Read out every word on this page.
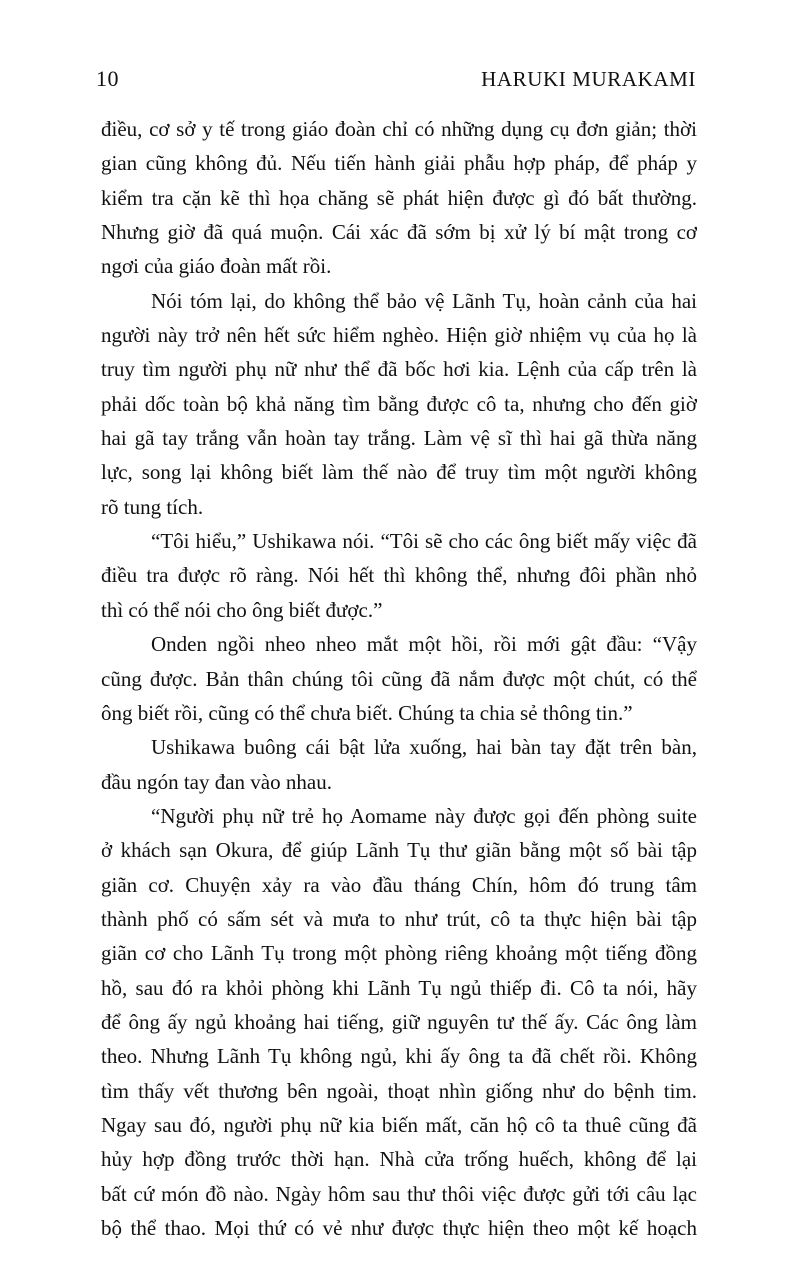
10	HARUKI MURAKAMI
điều, cơ sở y tế trong giáo đoàn chỉ có những dụng cụ đơn giản; thời
gian cũng không đủ. Nếu tiến hành giải phẫu hợp pháp, để pháp y
kiểm tra cặn kẽ thì họa chăng sẽ phát hiện được gì đó bất thường.
Nhưng giờ đã quá muộn. Cái xác đã sớm bị xử lý bí mật trong cơ
ngơi của giáo đoàn mất rồi.
Nói tóm lại, do không thể bảo vệ Lãnh Tụ, hoàn cảnh của hai
người này trở nên hết sức hiểm nghèo. Hiện giờ nhiệm vụ của họ là
truy tìm người phụ nữ như thể đã bốc hơi kia. Lệnh của cấp trên là
phải dốc toàn bộ khả năng tìm bằng được cô ta, nhưng cho đến giờ
hai gã tay trắng vẫn hoàn tay trắng. Làm vệ sĩ thì hai gã thừa năng
lực, song lại không biết làm thế nào để truy tìm một người không
rõ tung tích.
“Tôi hiểu,” Ushikawa nói. “Tôi sẽ cho các ông biết mấy việc đã
điều tra được rõ ràng. Nói hết thì không thể, nhưng đôi phần nhỏ
thì có thể nói cho ông biết được.”
Onden ngồi nheo nheo mắt một hồi, rồi mới gật đầu: “Vậy
cũng được. Bản thân chúng tôi cũng đã nắm được một chút, có thể
ông biết rồi, cũng có thể chưa biết. Chúng ta chia sẻ thông tin.”
Ushikawa buông cái bật lửa xuống, hai bàn tay đặt trên bàn,
đầu ngón tay đan vào nhau.
“Người phụ nữ trẻ họ Aomame này được gọi đến phòng suite
ở khách sạn Okura, để giúp Lãnh Tụ thư giãn bằng một số bài tập
giãn cơ. Chuyện xảy ra vào đầu tháng Chín, hôm đó trung tâm
thành phố có sấm sét và mưa to như trút, cô ta thực hiện bài tập
giãn cơ cho Lãnh Tụ trong một phòng riêng khoảng một tiếng đồng
hồ, sau đó ra khỏi phòng khi Lãnh Tụ ngủ thiếp đi. Cô ta nói, hãy
để ông ấy ngủ khoảng hai tiếng, giữ nguyên tư thế ấy. Các ông làm
theo. Nhưng Lãnh Tụ không ngủ, khi ấy ông ta đã chết rồi. Không
tìm thấy vết thương bên ngoài, thoạt nhìn giống như do bệnh tim.
Ngay sau đó, người phụ nữ kia biến mất, căn hộ cô ta thuê cũng đã
hủy hợp đồng trước thời hạn. Nhà cửa trống huếch, không để lại
bất cứ món đồ nào. Ngày hôm sau thư thôi việc được gửi tới câu lạc
bộ thể thao. Mọi thứ có vẻ như được thực hiện theo một kế hoạch
